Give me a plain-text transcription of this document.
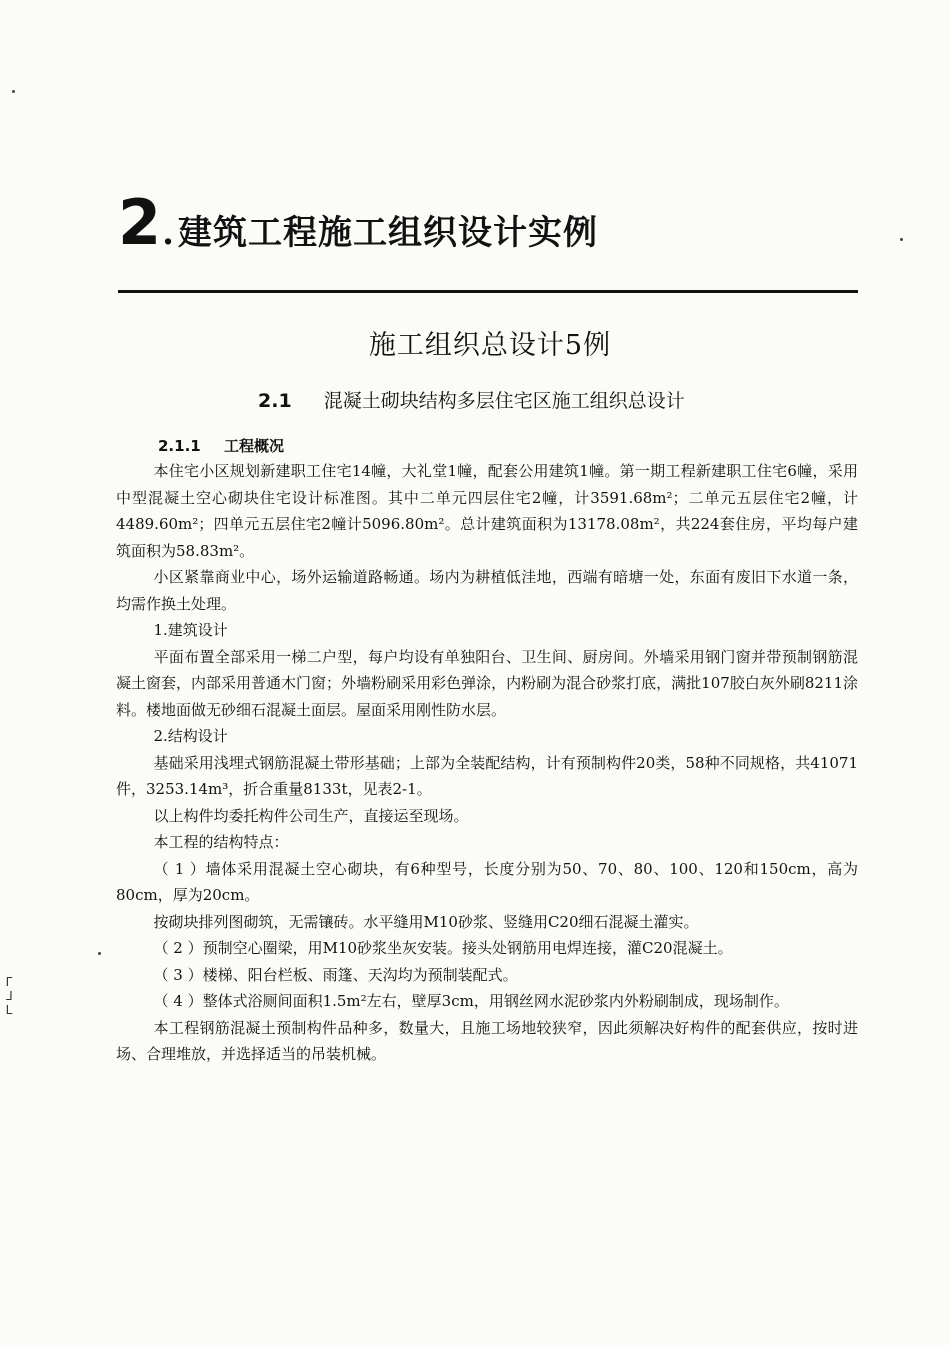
2 . 建筑工程施工组织设计实例
施工组织总设计5例
2.1 混凝土砌块结构多层住宅区施工组织总设计
2.1.1 工程概况

本住宅小区规划新建职工住宅14幢，大礼堂1幢，配套公用建筑1幢。第一期工程新建职工住宅6幢，采用中型混凝土空心砌块住宅设计标准图。其中二单元四层住宅2幢，计3591.68m²；二单元五层住宅2幢，计4489.60m²；四单元五层住宅2幢计5096.80m²。总计建筑面积为13178.08m²，共224套住房，平均每户建筑面积为58.83m²。

小区紧靠商业中心，场外运输道路畅通。场内为耕植低洼地，西端有暗塘一处，东面有废旧下水道一条，均需作换土处理。

1.建筑设计

平面布置全部采用一梯二户型，每户均设有单独阳台、卫生间、厨房间。外墙采用钢门窗并带预制钢筋混凝土窗套，内部采用普通木门窗；外墙粉刷采用彩色弹涂，内粉刷为混合砂浆打底，满批107胶白灰外刷8211涂料。楼地面做无砂细石混凝土面层。屋面采用刚性防水层。

2.结构设计

基础采用浅埋式钢筋混凝土带形基础；上部为全装配结构，计有预制构件20类，58种不同规格，共41071件，3253.14m³，折合重量8133t，见表2-1。

以上构件均委托构件公司生产，直接运至现场。

本工程的结构特点：

（ 1 ）墙体采用混凝土空心砌块，有6种型号，长度分别为50、70、80、100、120和150cm，高为80cm，厚为20cm。

按砌块排列图砌筑，无需镶砖。水平缝用M10砂浆、竖缝用C20细石混凝土灌实。

（ 2 ）预制空心圈梁，用M10砂浆坐灰安装。接头处钢筋用电焊连接，灌C20混凝土。

（ 3 ）楼梯、阳台栏板、雨篷、天沟均为预制装配式。

（ 4 ）整体式浴厕间面积1.5m²左右，壁厚3cm，用钢丝网水泥砂浆内外粉刷制成，现场制作。

本工程钢筋混凝土预制构件品种多，数量大，且施工场地较狭窄，因此须解决好构件的配套供应，按时进场、合理堆放，并选择适当的吊装机械。

ᒥᒧᒪ
